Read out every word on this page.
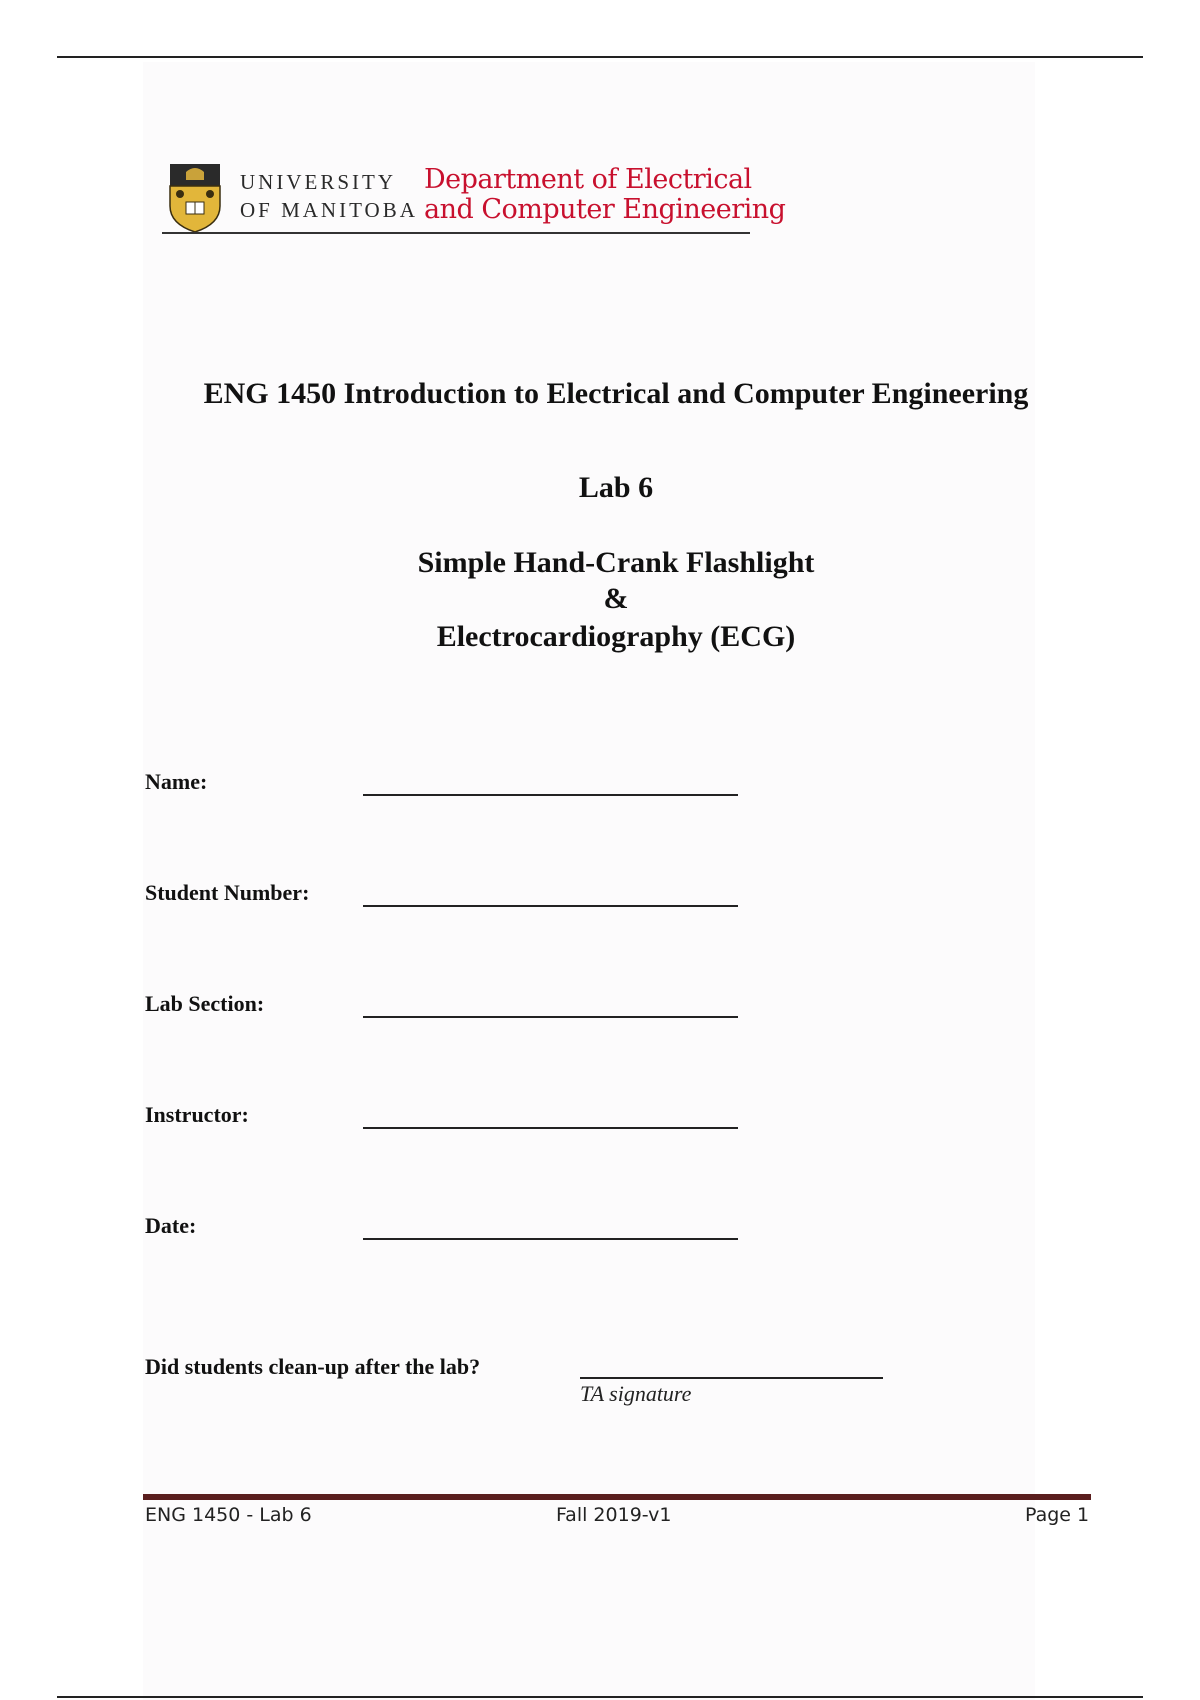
UNIVERSITY
OF MANITOBA
Department of Electrical
and Computer Engineering
ENG 1450 Introduction to Electrical and Computer Engineering
Lab 6
Simple Hand-Crank Flashlight
&
Electrocardiography (ECG)
Name:
Student Number:
Lab Section:
Instructor:
Date:
Did students clean-up after the lab?
TA signature
ENG 1450 - Lab 6	Fall 2019-v1	Page 1
